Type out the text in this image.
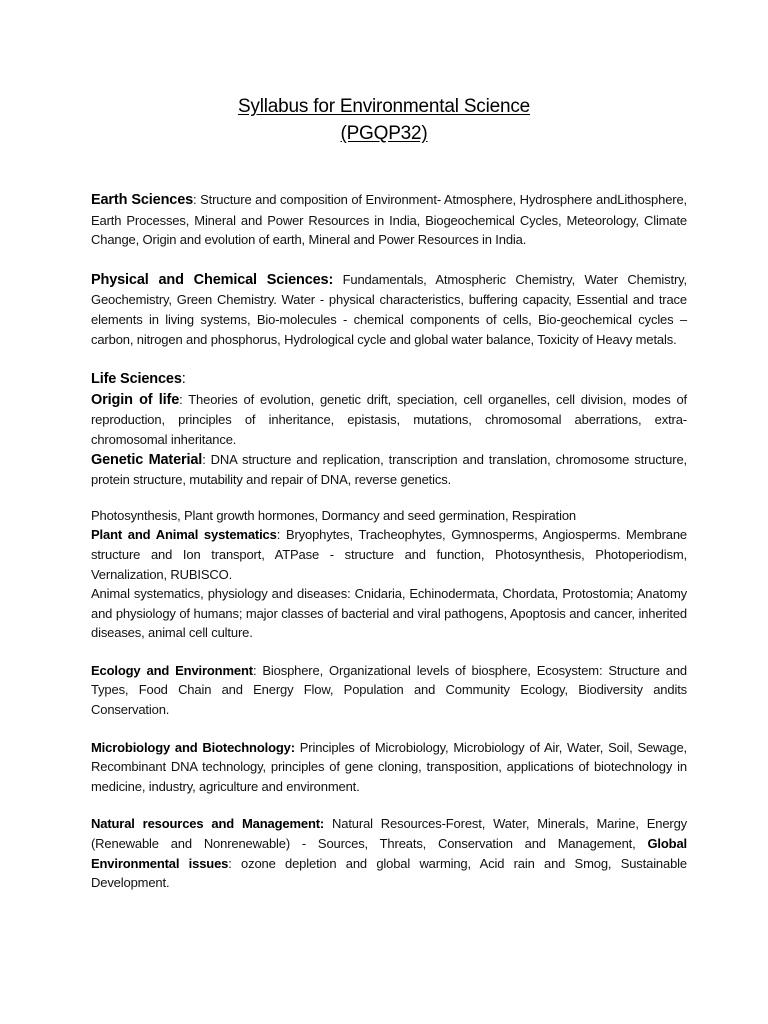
Syllabus for Environmental Science
(PGQP32)

Earth Sciences: Structure and composition of Environment- Atmosphere, Hydrosphere andLithosphere, Earth Processes, Mineral and Power Resources in India, Biogeochemical Cycles, Meteorology, Climate Change, Origin and evolution of earth, Mineral and Power Resources in India.

Physical and Chemical Sciences: Fundamentals, Atmospheric Chemistry, Water Chemistry, Geochemistry, Green Chemistry. Water - physical characteristics, buffering capacity, Essential and trace elements in living systems, Bio-molecules - chemical components of cells, Bio-geochemical cycles – carbon, nitrogen and phosphorus, Hydrological cycle and global water balance, Toxicity of Heavy metals.

Life Sciences:

Origin of life: Theories of evolution, genetic drift, speciation, cell organelles, cell division, modes of reproduction, principles of inheritance, epistasis, mutations, chromosomal aberrations, extra- chromosomal inheritance.

Genetic Material: DNA structure and replication, transcription and translation, chromosome structure, protein structure, mutability and repair of DNA, reverse genetics.

Photosynthesis, Plant growth hormones, Dormancy and seed germination, Respiration

Plant and Animal systematics: Bryophytes, Tracheophytes, Gymnosperms, Angiosperms. Membrane structure and Ion transport, ATPase - structure and function, Photosynthesis, Photoperiodism, Vernalization, RUBISCO.

Animal systematics, physiology and diseases: Cnidaria, Echinodermata, Chordata, Protostomia; Anatomy and physiology of humans; major classes of bacterial and viral pathogens, Apoptosis and cancer, inherited diseases, animal cell culture.

Ecology and Environment: Biosphere, Organizational levels of biosphere, Ecosystem: Structure and Types, Food Chain and Energy Flow, Population and Community Ecology, Biodiversity andits Conservation.

Microbiology and Biotechnology: Principles of Microbiology, Microbiology of Air, Water, Soil, Sewage, Recombinant DNA technology, principles of gene cloning, transposition, applications of biotechnology in medicine, industry, agriculture and environment.

Natural resources and Management: Natural Resources-Forest, Water, Minerals, Marine, Energy (Renewable and Nonrenewable) - Sources, Threats, Conservation and Management, Global Environmental issues: ozone depletion and global warming, Acid rain and Smog, Sustainable Development.
